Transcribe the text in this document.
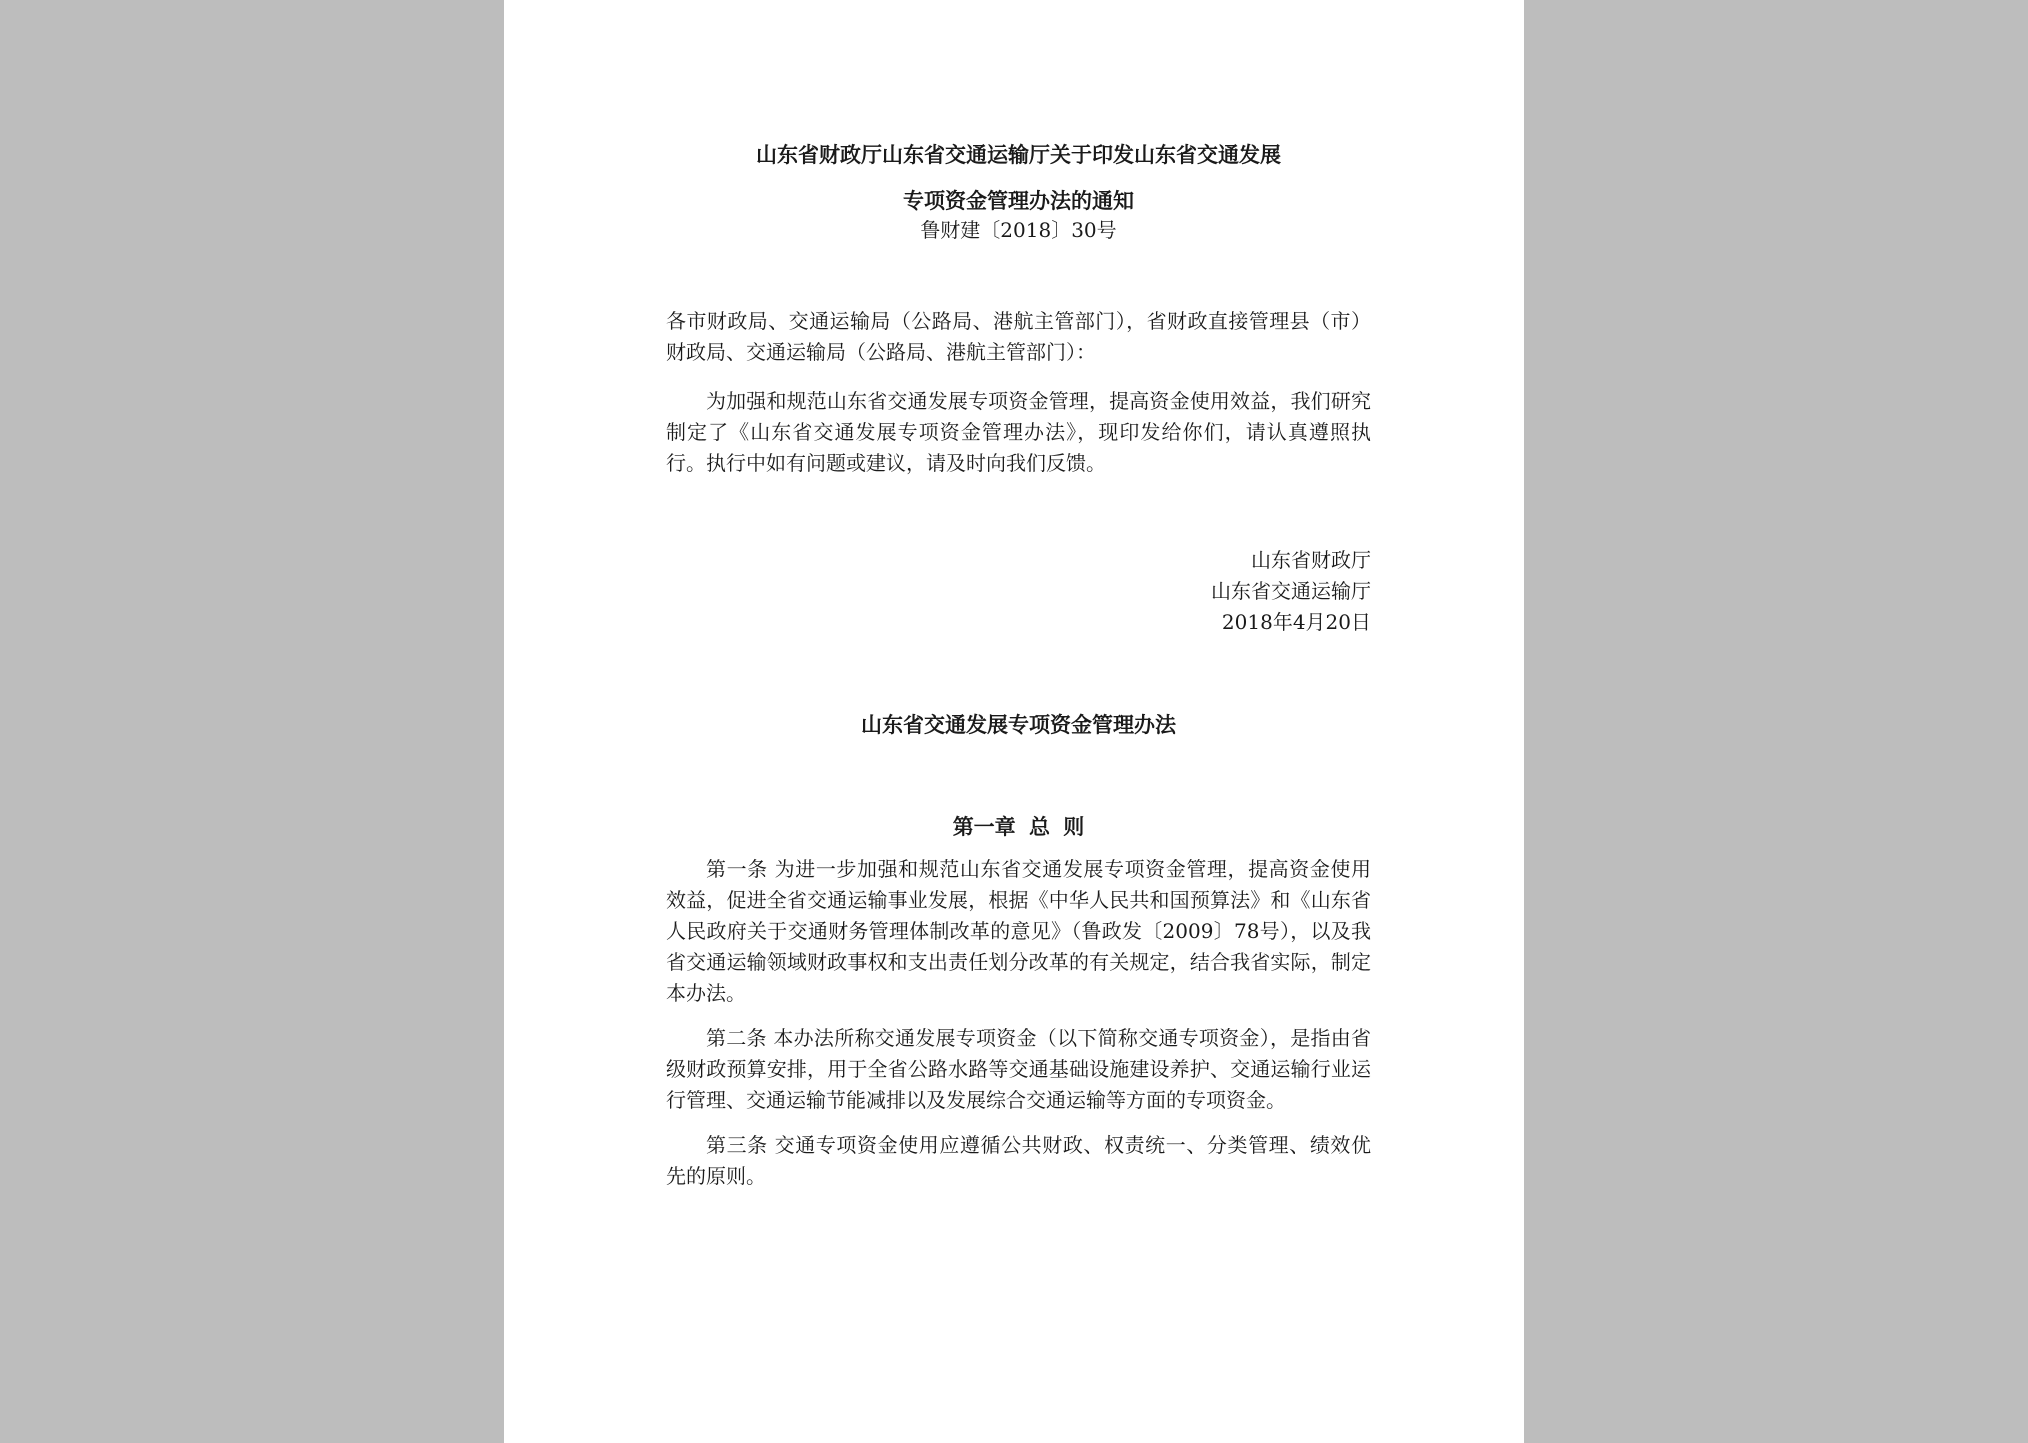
山东省财政厅山东省交通运输厅关于印发山东省交通发展
专项资金管理办法的通知
鲁财建〔2018〕30号
各市财政局、交通运输局（公路局、港航主管部门），省财政直接管理县（市）财政局、交通运输局（公路局、港航主管部门）：
为加强和规范山东省交通发展专项资金管理，提高资金使用效益，我们研究制定了《山东省交通发展专项资金管理办法》，现印发给你们，请认真遵照执行。执行中如有问题或建议，请及时向我们反馈。
山东省财政厅
山东省交通运输厅
2018年4月20日
山东省交通发展专项资金管理办法
第一章 总 则
第一条 为进一步加强和规范山东省交通发展专项资金管理，提高资金使用效益，促进全省交通运输事业发展，根据《中华人民共和国预算法》和《山东省人民政府关于交通财务管理体制改革的意见》（鲁政发〔2009〕78号），以及我省交通运输领域财政事权和支出责任划分改革的有关规定，结合我省实际，制定本办法。
第二条 本办法所称交通发展专项资金（以下简称交通专项资金），是指由省级财政预算安排，用于全省公路水路等交通基础设施建设养护、交通运输行业运行管理、交通运输节能减排以及发展综合交通运输等方面的专项资金。
第三条 交通专项资金使用应遵循公共财政、权责统一、分类管理、绩效优先的原则。
